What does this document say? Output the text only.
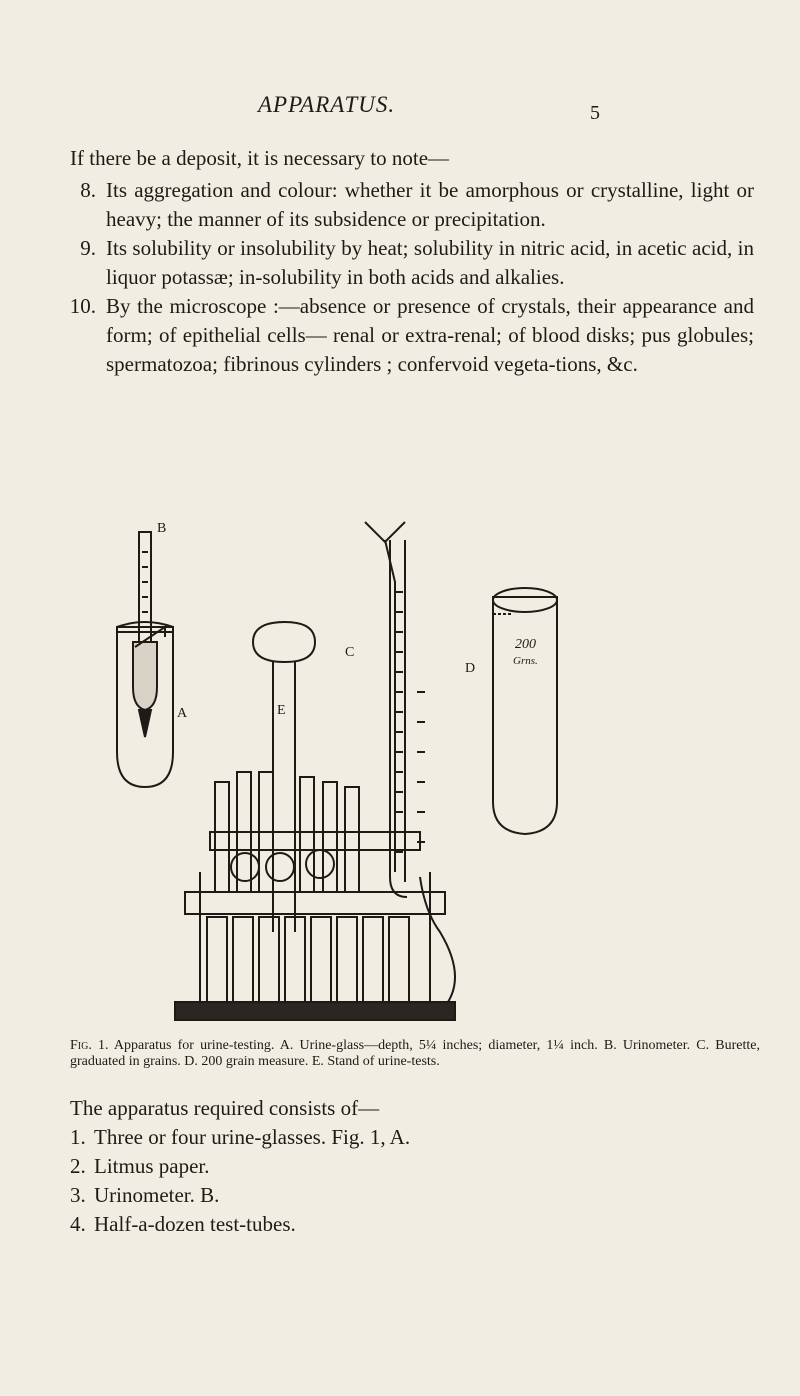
APPARATUS.	5
If there be a deposit, it is necessary to note—
8. Its aggregation and colour: whether it be amorphous or crystalline, light or heavy; the manner of its subsidence or precipitation.
9. Its solubility or insolubility by heat; solubility in nitric acid, in acetic acid, in liquor potassæ; in-solubility in both acids and alkalies.
10. By the microscope :—absence or presence of crystals, their appearance and form; of epithelial cells— renal or extra-renal; of blood disks; pus globules; spermatozoa; fibrinous cylinders ; confervoid vegeta-tions, &c.
B
A
C
D
E
200
Grns.
Fig. 1. Apparatus for urine-testing. A. Urine-glass—depth, 5¼ inches; diameter, 1¼ inch. B. Urinometer. C. Burette, graduated in grains. D. 200 grain measure. E. Stand of urine-tests.
The apparatus required consists of—
1. Three or four urine-glasses. Fig. 1, A.
2. Litmus paper.
3. Urinometer. B.
4. Half-a-dozen test-tubes.
